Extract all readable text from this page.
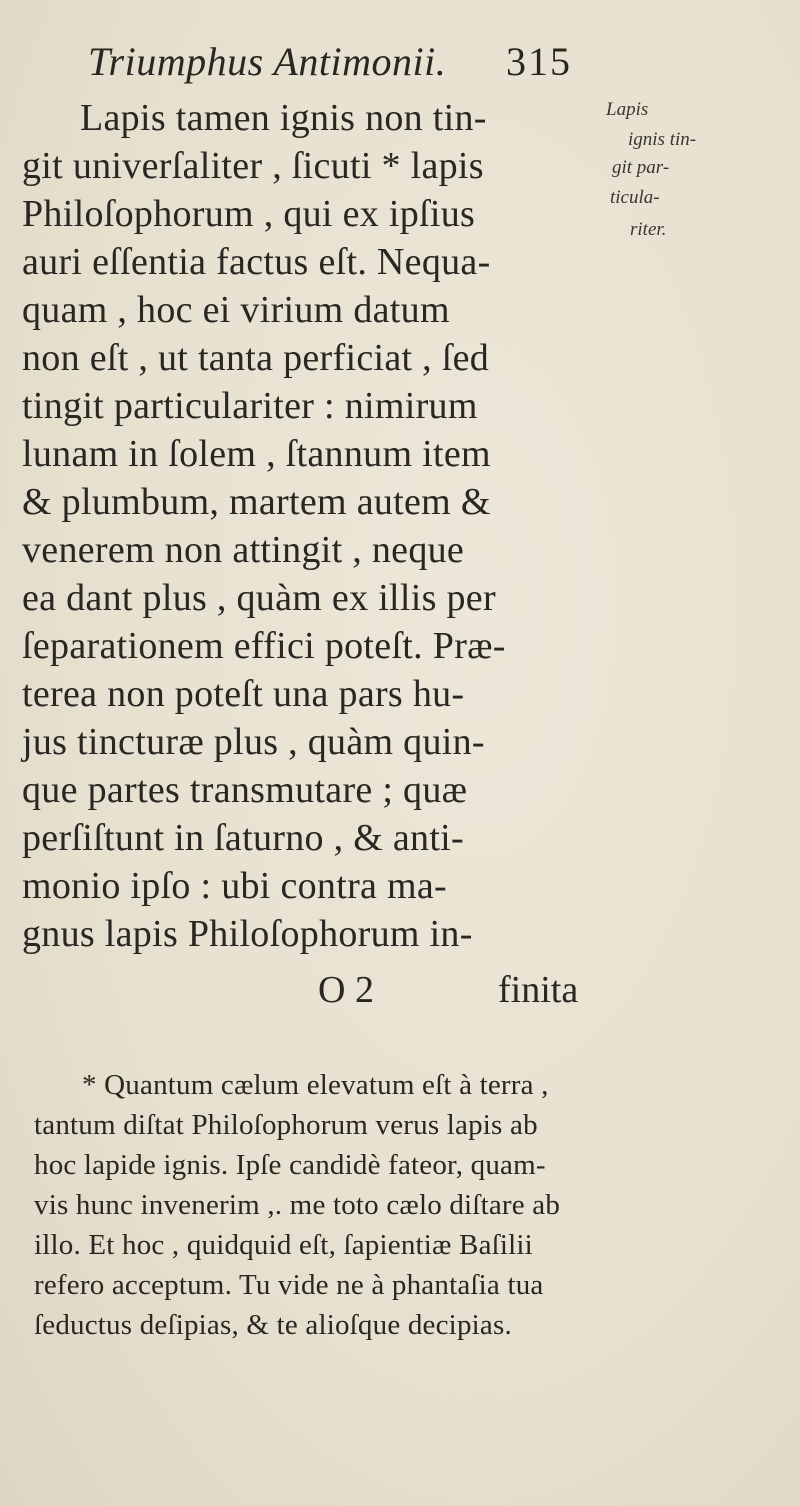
Triumphus Antimonii. 315
Lapis tamen ignis non tin-
git univerſaliter , ſicuti * lapis
Philoſophorum , qui ex ipſius
auri eſſentia factus eſt. Nequa-
quam , hoc ei virium datum
non eſt , ut tanta perficiat , ſed
tingit particulariter : nimirum
lunam in ſolem , ſtannum item
& plumbum, martem autem &
venerem non attingit , neque
ea dant plus , quàm ex illis per
ſeparationem effici poteſt. Præ-
terea non poteſt una pars hu-
jus tincturæ plus , quàm quin-
que partes transmutare ; quæ
perſiſtunt in ſaturno , & anti-
monio ipſo : ubi contra ma-
gnus lapis Philoſophorum in-
O 2	finita
Lapis
ignis tin-
git par-
ticula-
riter.
* Quantum cælum elevatum eſt à terra ,
tantum diſtat Philoſophorum verus lapis ab
hoc lapide ignis. Ipſe candidè fateor, quam-
vis hunc invenerim ,. me toto cælo diſtare ab
illo. Et hoc , quidquid eſt, ſapientiæ Baſilii
refero acceptum. Tu vide ne à phantaſia tua
ſeductus deſipias, & te alioſque decipias.
